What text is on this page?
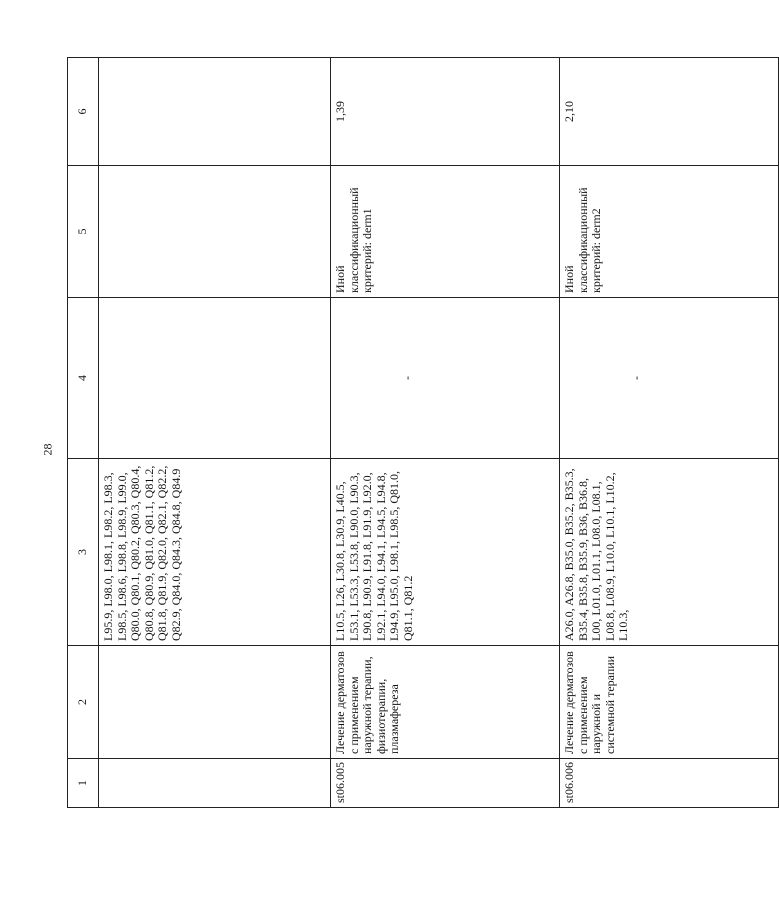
28
1	2	3	4	5	6
		L95.9, L98.0, L98.1, L98.2, L98.3, L98.5, L98.6, L98.8, L98.9, L99.0, Q80.0, Q80.1, Q80.2, Q80.3, Q80.4, Q80.8, Q80.9, Q81.0, Q81.1, Q81.2, Q81.8, Q81.9, Q82.0, Q82.1, Q82.2, Q82.9, Q84.0, Q84.3, Q84.8, Q84.9			
st06.005	Лечение дерматозов с применением наружной терапии, физиотерапии, плазмафереза	L10.5, L26, L30.8, L30.9, L40.5, L53.1, L53.3, L53.8, L90.0, L90.3, L90.8, L90.9, L91.8, L91.9, L92.0, L92.1, L94.0, L94.1, L94.5, L94.8, L94.9, L95.0, L98.1, L98.5, Q81.0, Q81.1, Q81.2	-	Иной классификационный критерий: derm1	1,39
st06.006	Лечение дерматозов с применением наружной и системной терапии	A26.0, A26.8, B35.0, B35.2, B35.3, B35.4, B35.8, B35.9, B36, B36.8, L00, L01.0, L01.1, L08.0, L08.1, L08.8, L08.9, L10.0, L10.1, L10.2, L10.3,	-	Иной классификационный критерий: derm2	2,10
